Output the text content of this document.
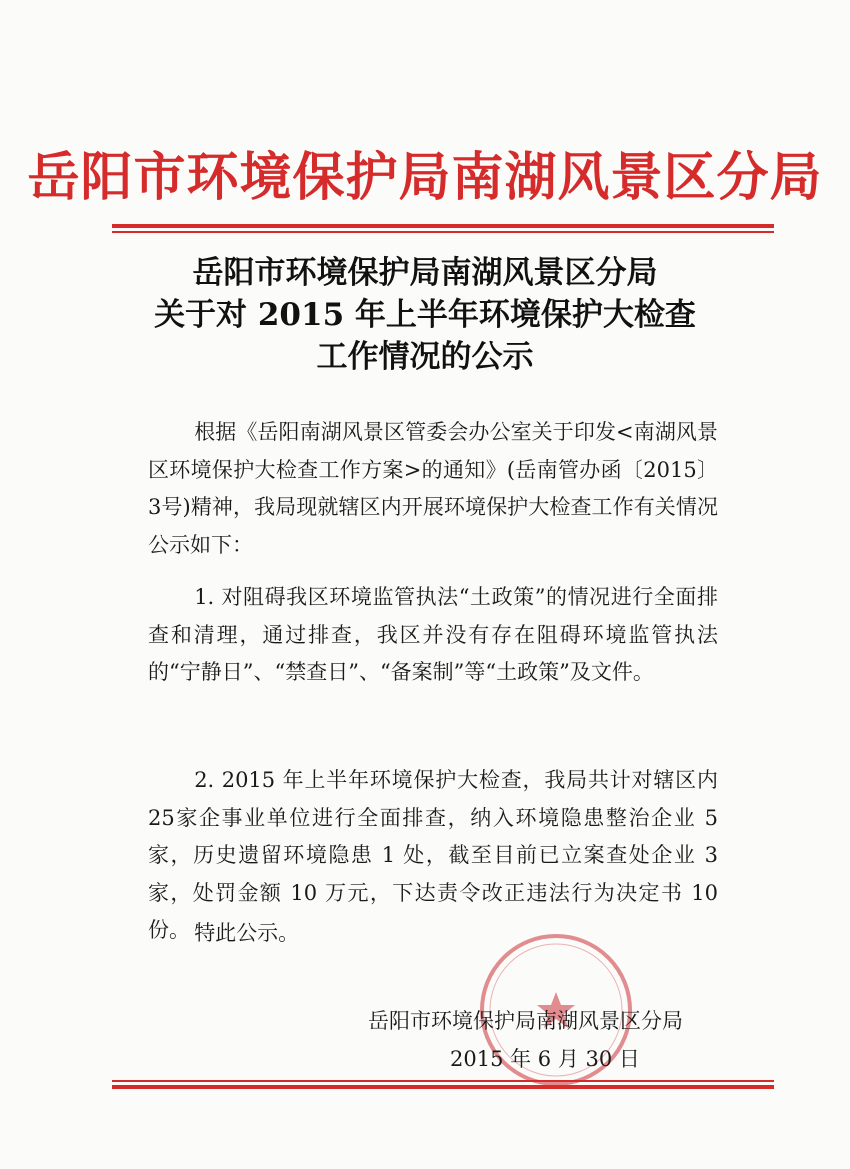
岳阳市环境保护局南湖风景区分局
岳阳市环境保护局南湖风景区分局
关于对 2015 年上半年环境保护大检查
工作情况的公示
根据《岳阳南湖风景区管委会办公室关于印发<南湖风景区环境保护大检查工作方案>的通知》(岳南管办函〔2015〕3号)精神，我局现就辖区内开展环境保护大检查工作有关情况公示如下：
1. 对阻碍我区环境监管执法“土政策”的情况进行全面排查和清理，通过排查，我区并没有存在阻碍环境监管执法的“宁静日”、“禁查日”、“备案制”等“土政策”及文件。
2. 2015 年上半年环境保护大检查，我局共计对辖区内25家企事业单位进行全面排查，纳入环境隐患整治企业 5 家，历史遗留环境隐患 1 处，截至目前已立案查处企业 3 家，处罚金额 10 万元，下达责令改正违法行为决定书 10 份。 特此公示。
岳阳市环境保护局南湖风景区分局
2015 年 6 月 30 日
